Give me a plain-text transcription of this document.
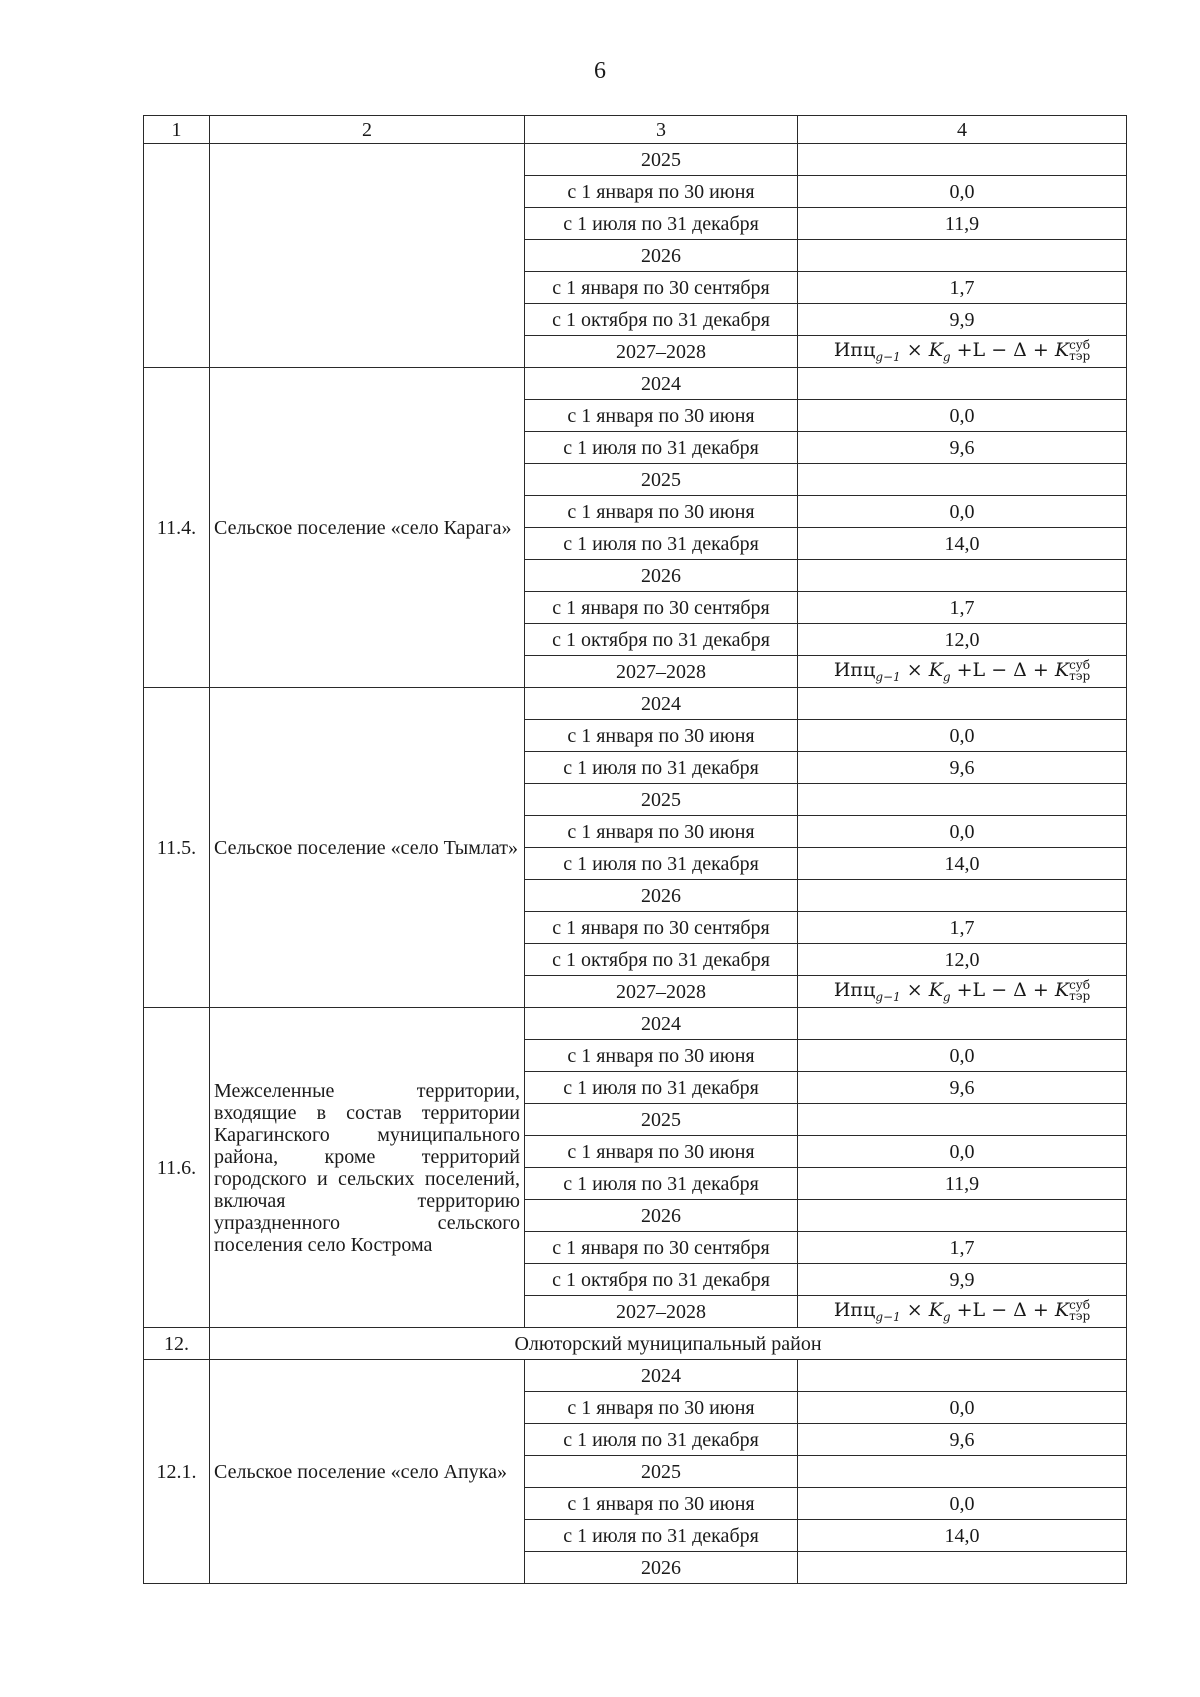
6
1	2	3	4
		2025	
		с 1 января по 30 июня	0,0
		с 1 июля по 31 декабря	11,9
		2026	
		с 1 января по 30 сентября	1,7
		с 1 октября по 31 декабря	9,9
		2027–2028	$Ипц_{g-1} \times K_g +L - \Delta + K$ суб
тэр

11.4.	Сельское поселение «село Карага»	2024	
		с 1 января по 30 июня	0,0
		с 1 июля по 31 декабря	9,6
		2025	
		с 1 января по 30 июня	0,0
		с 1 июля по 31 декабря	14,0
		2026	
		с 1 января по 30 сентября	1,7
		с 1 октября по 31 декабря	12,0
		2027–2028	$Ипц_{g-1} \times K_g +L - \Delta + K$ суб
тэр

11.5.	Сельское поселение «село Тымлат»	2024	
		с 1 января по 30 июня	0,0
		с 1 июля по 31 декабря	9,6
		2025	
		с 1 января по 30 июня	0,0
		с 1 июля по 31 декабря	14,0
		2026	
		с 1 января по 30 сентября	1,7
		с 1 октября по 31 декабря	12,0
		2027–2028	$Ипц_{g-1} \times K_g +L - \Delta + K$ суб
тэр

11.6.	Межселенные территории, входящие в состав территории Карагинского муниципального района, кроме территорий городского и сельских поселений, включая территорию упраздненного сельского поселения село Кострома	2024	
		с 1 января по 30 июня	0,0
		с 1 июля по 31 декабря	9,6
		2025	
		с 1 января по 30 июня	0,0
		с 1 июля по 31 декабря	11,9
		2026	
		с 1 января по 30 сентября	1,7
		с 1 октября по 31 декабря	9,9
		2027–2028	$Ипц_{g-1} \times K_g +L - \Delta + K$ суб
тэр

12.	Олюторский муниципальный район		
12.1.	Сельское поселение «село Апука»	2024	
		с 1 января по 30 июня	0,0
		с 1 июля по 31 декабря	9,6
		2025	
		с 1 января по 30 июня	0,0
		с 1 июля по 31 декабря	14,0
		2026	
